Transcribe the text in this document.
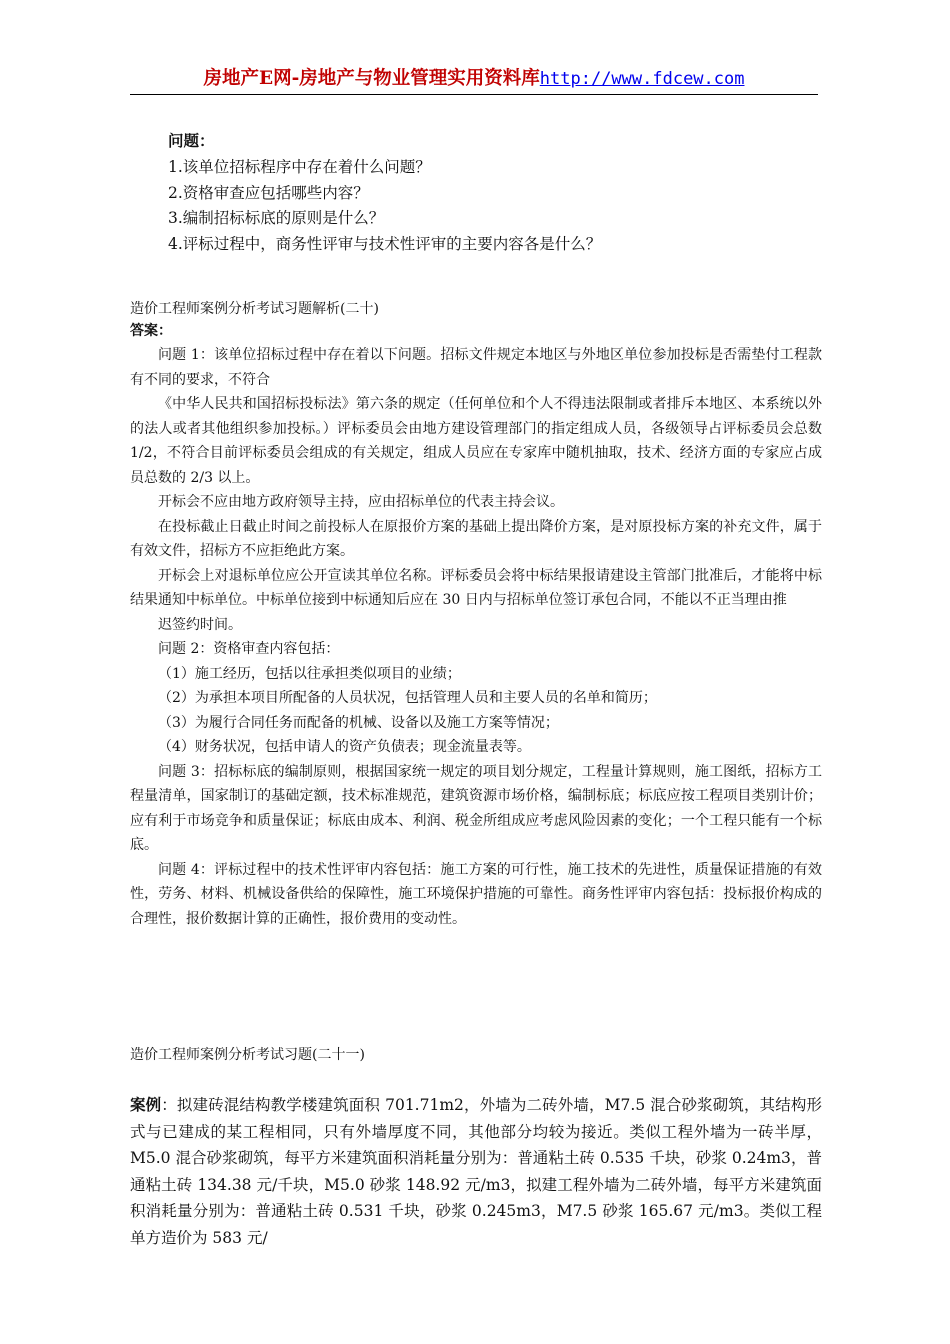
房地产E网-房地产与物业管理实用资料库http://www.fdcew.com
问题：
1.该单位招标程序中存在着什么问题？
2.资格审查应包括哪些内容？
3.编制招标标底的原则是什么？
4.评标过程中，商务性评审与技术性评审的主要内容各是什么？
造价工程师案例分析考试习题解析(二十)
答案：
问题 1：该单位招标过程中存在着以下问题。招标文件规定本地区与外地区单位参加投标是否需垫付工程款有不同的要求，不符合
《中华人民共和国招标投标法》第六条的规定（任何单位和个人不得违法限制或者排斥本地区、本系统以外的法人或者其他组织参加投标。）评标委员会由地方建设管理部门的指定组成人员，各级领导占评标委员会总数 1/2，不符合目前评标委员会组成的有关规定，组成人员应在专家库中随机抽取，技术、经济方面的专家应占成员总数的 2/3 以上。
开标会不应由地方政府领导主持，应由招标单位的代表主持会议。
在投标截止日截止时间之前投标人在原报价方案的基础上提出降价方案，是对原投标方案的补充文件，属于有效文件，招标方不应拒绝此方案。
开标会上对退标单位应公开宣读其单位名称。评标委员会将中标结果报请建设主管部门批准后，才能将中标结果通知中标单位。中标单位接到中标通知后应在 30 日内与招标单位签订承包合同，不能以不正当理由推
迟签约时间。
问题 2：资格审查内容包括：
（1）施工经历，包括以往承担类似项目的业绩；
（2）为承担本项目所配备的人员状况，包括管理人员和主要人员的名单和简历；
（3）为履行合同任务而配备的机械、设备以及施工方案等情况；
（4）财务状况，包括申请人的资产负债表；现金流量表等。
问题 3：招标标底的编制原则，根据国家统一规定的项目划分规定，工程量计算规则，施工图纸，招标方工程量清单，国家制订的基础定额，技术标准规范，建筑资源市场价格，编制标底；标底应按工程项目类别计价；应有利于市场竞争和质量保证；标底由成本、利润、税金所组成应考虑风险因素的变化；一个工程只能有一个标底。
问题 4：评标过程中的技术性评审内容包括：施工方案的可行性，施工技术的先进性，质量保证措施的有效性，劳务、材料、机械设备供给的保障性，施工环境保护措施的可靠性。商务性评审内容包括：投标报价构成的合理性，报价数据计算的正确性，报价费用的变动性。
造价工程师案例分析考试习题(二十一)
案例：拟建砖混结构教学楼建筑面积 701.71m2，外墙为二砖外墙，M7.5 混合砂浆砌筑，其结构形式与已建成的某工程相同，只有外墙厚度不同，其他部分均较为接近。类似工程外墙为一砖半厚，M5.0 混合砂浆砌筑，每平方米建筑面积消耗量分别为：普通粘土砖 0.535 千块，砂浆 0.24m3，普通粘土砖 134.38 元/千块，M5.0 砂浆 148.92 元/m3，拟建工程外墙为二砖外墙，每平方米建筑面积消耗量分别为：普通粘土砖 0.531 千块，砂浆 0.245m3，M7.5 砂浆 165.67 元/m3。类似工程单方造价为 583 元/
